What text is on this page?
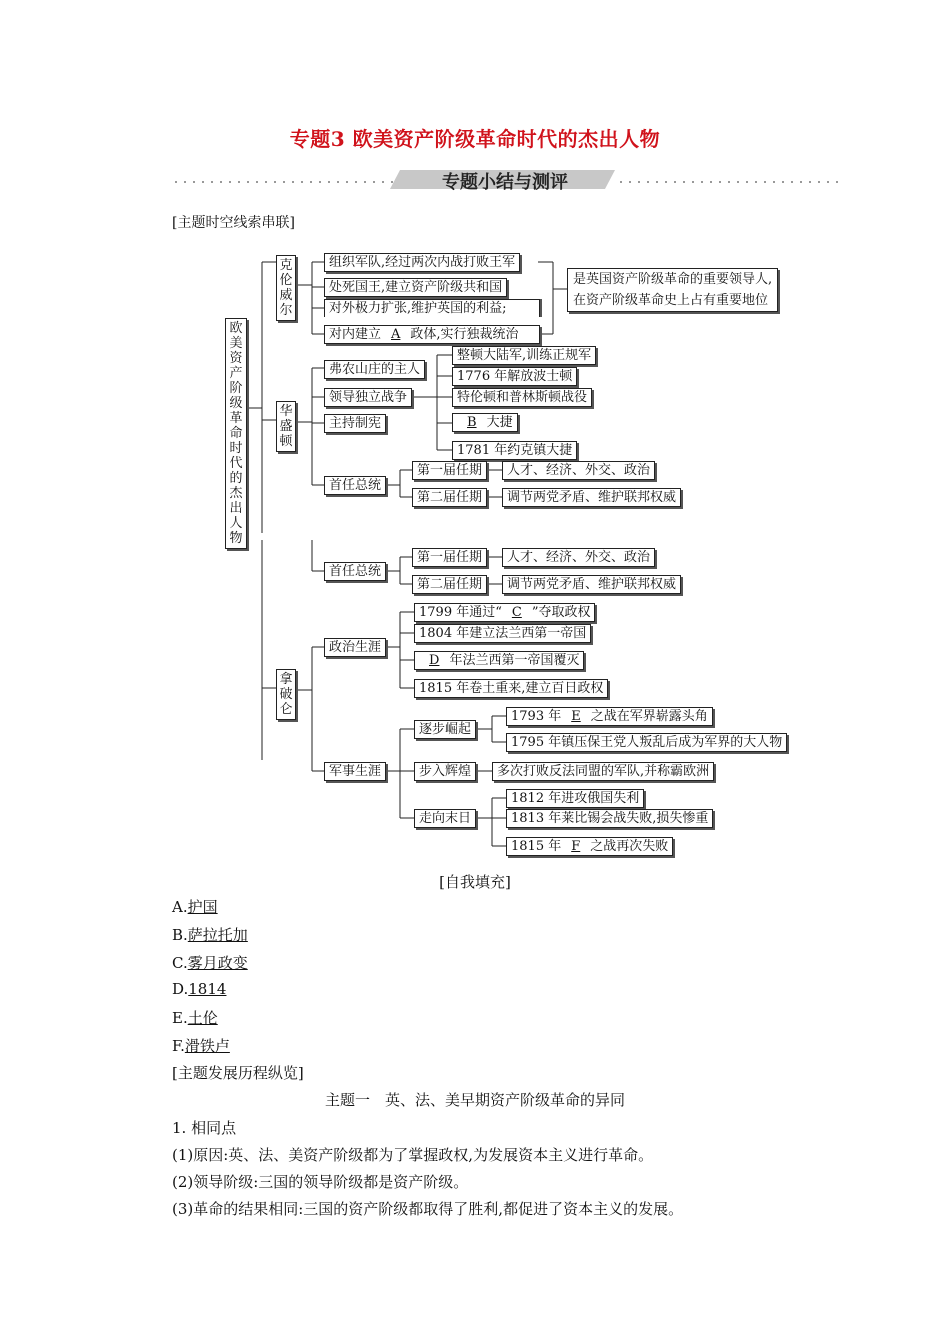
专题3 欧美资产阶级革命时代的杰出人物
专题小结与测评
[主题时空线索串联]
欧美资产阶级革命时代的杰出人物
克伦威尔
组织军队,经过两次内战打败王军
处死国王,建立资产阶级共和国
对外极力扩张,维护英国的利益;
对内建立 A 政体,实行独裁统治
是英国资产阶级革命的重要领导人,
在资产阶级革命史上占有重要地位
华盛顿
弗农山庄的主人
领导独立战争
主持制宪
首任总统
整顿大陆军,训练正规军
1776 年解放波士顿
特伦顿和普林斯顿战役
B 大捷
1781 年约克镇大捷
第一届任期
第二届任期
人才、经济、外交、政治
调节两党矛盾、维护联邦权威
首任总统
第一届任期
第二届任期
人才、经济、外交、政治
调节两党矛盾、维护联邦权威
拿破仑
政治生涯
军事生涯
1799 年通过“ C ”夺取政权
1804 年建立法兰西第一帝国
D 年法兰西第一帝国覆灭
1815 年卷土重来,建立百日政权
逐步崛起
步入辉煌
走向末日
1793 年 E 之战在军界崭露头角
1795 年镇压保王党人叛乱后成为军界的大人物
多次打败反法同盟的军队,并称霸欧洲
1812 年进攻俄国失利
1813 年莱比锡会战失败,损失惨重
1815 年 F 之战再次失败
[自我填充]
A.护国
B.萨拉托加
C.雾月政变
D.1814
E.土伦
F.滑铁卢
[主题发展历程纵览]
主题一　英、法、美早期资产阶级革命的异同
1. 相同点
(1)原因:英、法、美资产阶级都为了掌握政权,为发展资本主义进行革命。
(2)领导阶级:三国的领导阶级都是资产阶级。
(3)革命的结果相同:三国的资产阶级都取得了胜利,都促进了资本主义的发展。
